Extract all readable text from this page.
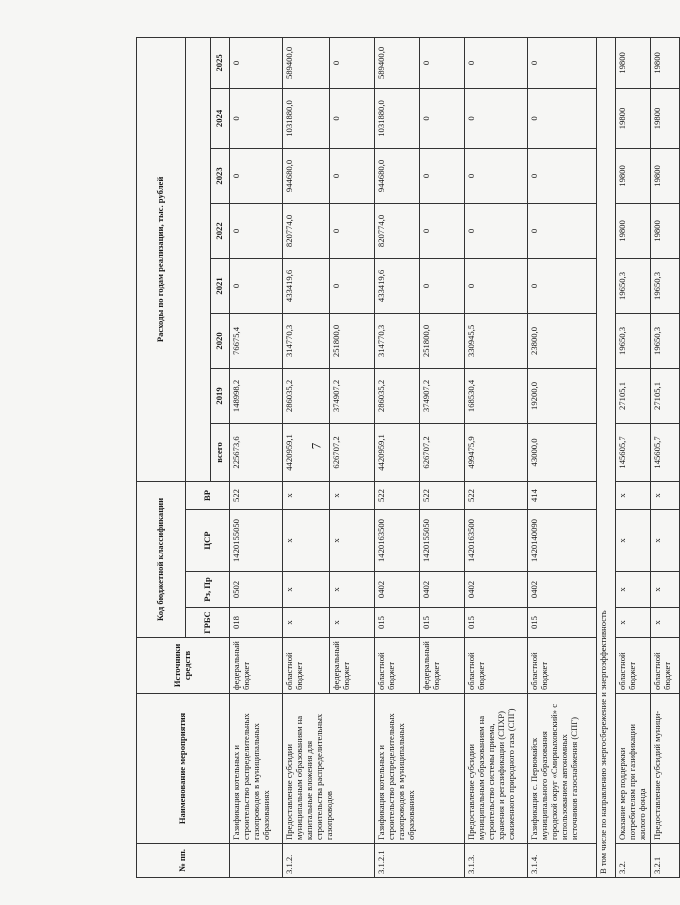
7
№ пп.	Наименование мероприятия	Источники средств	Код бюджетной классификации				Расходы по годам реализации, тыс. рублей							
			ГРБС	Рз, Пр	ЦСР	ВР								
							всего	2019	2020	2021	2022	2023	2024	2025
	Газификация котельных и строительство распределительных газопроводов в муниципальных образованиях	федеральный бюджет	018	0502	1420155050	522	225673,6	148998,2	76675,4	0	0	0	0	0
3.1.2.	Предоставление субсидии муниципальным образованиям на капитальные вложения для строительства распределительных газопроводов	областной бюджет	х	х	х	х	4420959,1	286035,2	314770,3	433419,6	820774,0	944680,0	1031880,0	589400,0
		федеральный бюджет	х	х	х	х	626707,2	374907,2	251800,0	0	0	0	0	0
3.1.2.1	Газификация котельных и строительство распределительных газопроводов в муниципальных образованиях	областной бюджет	015	0402	1420163500	522	4420959,1	286035,2	314770,3	433419,6	820774,0	944680,0	1031880,0	589400,0
		федеральный бюджет	015	0402	1420155050	522	626707,2	374907,2	251800,0	0	0	0	0	0
3.1.3.	Предоставление субсидии муниципальным образованиям на строительство системы приема, хранения и регазификации (СПХР) сжиженного природного газа (СПГ)	областной бюджет	015	0402	1420163500	522	499475,9	168530,4	330945,5	0	0	0	0	0
3.1.4.	Газификация с. Первомайск муниципального образования городской округ «Смирныховский» с использованием автономных источников газоснабжения (СПГ)	областной бюджет	015	0402	1420140090	414	43000,0	19200,0	23800,0	0	0	0	0	0
В том числе по направлению энергосбережение и энергоэффективность														
3.2.	Оказание мер поддержки потребителям при газификации жилого фонда	областной бюджет	х	х	х	х	145605,7	27105,1	19650,3	19650,3	19800	19800	19800	19800
3.2.1	Предоставление субсидий муници-	областной бюджет	х	х	х	х	145605,7	27105,1	19650,3	19650,3	19800	19800	19800	19800
